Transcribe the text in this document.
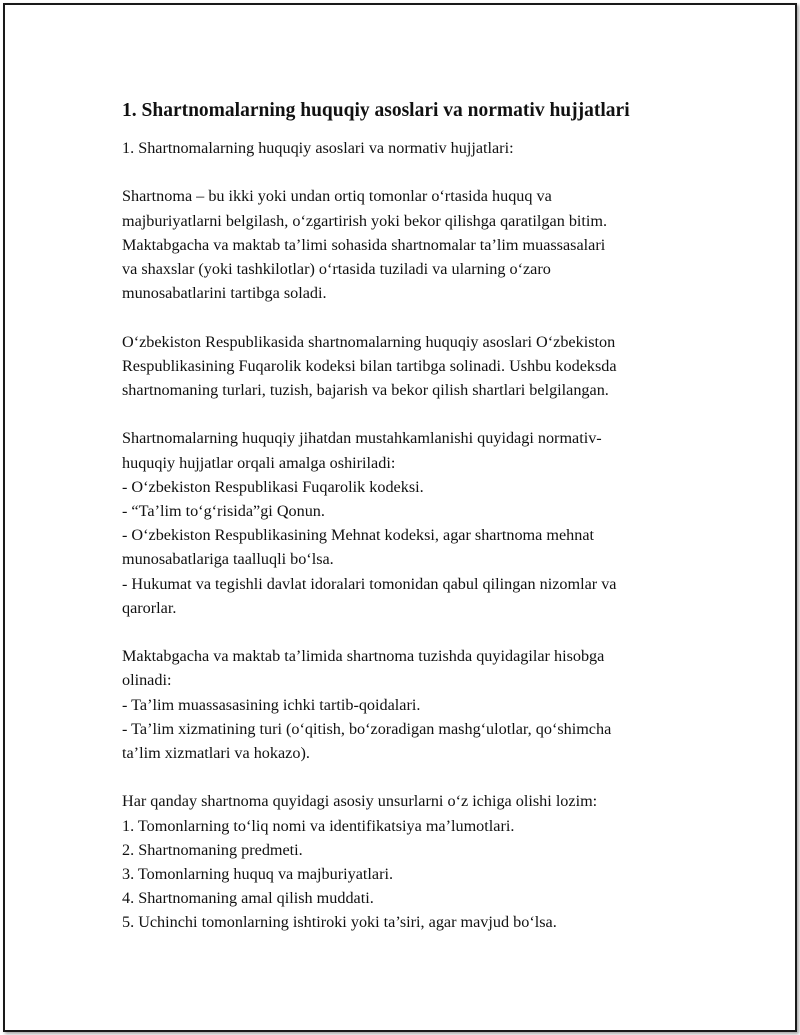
1. Shartnomalarning huquqiy asoslari va normativ hujjatlari

1. Shartnomalarning huquqiy asoslari va normativ hujjatlari:

Shartnoma – bu ikki yoki undan ortiq tomonlar o‘rtasida huquq va
majburiyatlarni belgilash, o‘zgartirish yoki bekor qilishga qaratilgan bitim.
Maktabgacha va maktab ta’limi sohasida shartnomalar ta’lim muassasalari
va shaxslar (yoki tashkilotlar) o‘rtasida tuziladi va ularning o‘zaro
munosabatlarini tartibga soladi.

O‘zbekiston Respublikasida shartnomalarning huquqiy asoslari O‘zbekiston
Respublikasining Fuqarolik kodeksi bilan tartibga solinadi. Ushbu kodeksda
shartnomaning turlari, tuzish, bajarish va bekor qilish shartlari belgilangan.

Shartnomalarning huquqiy jihatdan mustahkamlanishi quyidagi normativ-
huquqiy hujjatlar orqali amalga oshiriladi:
- O‘zbekiston Respublikasi Fuqarolik kodeksi.
- “Ta’lim to‘g‘risida”gi Qonun.
- O‘zbekiston Respublikasining Mehnat kodeksi, agar shartnoma mehnat
munosabatlariga taalluqli bo‘lsa.
- Hukumat va tegishli davlat idoralari tomonidan qabul qilingan nizomlar va
qarorlar.

Maktabgacha va maktab ta’limida shartnoma tuzishda quyidagilar hisobga
olinadi:
- Ta’lim muassasasining ichki tartib-qoidalari.
- Ta’lim xizmatining turi (o‘qitish, bo‘zoradigan mashg‘ulotlar, qo‘shimcha
ta’lim xizmatlari va hokazo).

Har qanday shartnoma quyidagi asosiy unsurlarni o‘z ichiga olishi lozim:
1. Tomonlarning to‘liq nomi va identifikatsiya ma’lumotlari.
2. Shartnomaning predmeti.
3. Tomonlarning huquq va majburiyatlari.
4. Shartnomaning amal qilish muddati.
5. Uchinchi tomonlarning ishtiroki yoki ta’siri, agar mavjud bo‘lsa.
